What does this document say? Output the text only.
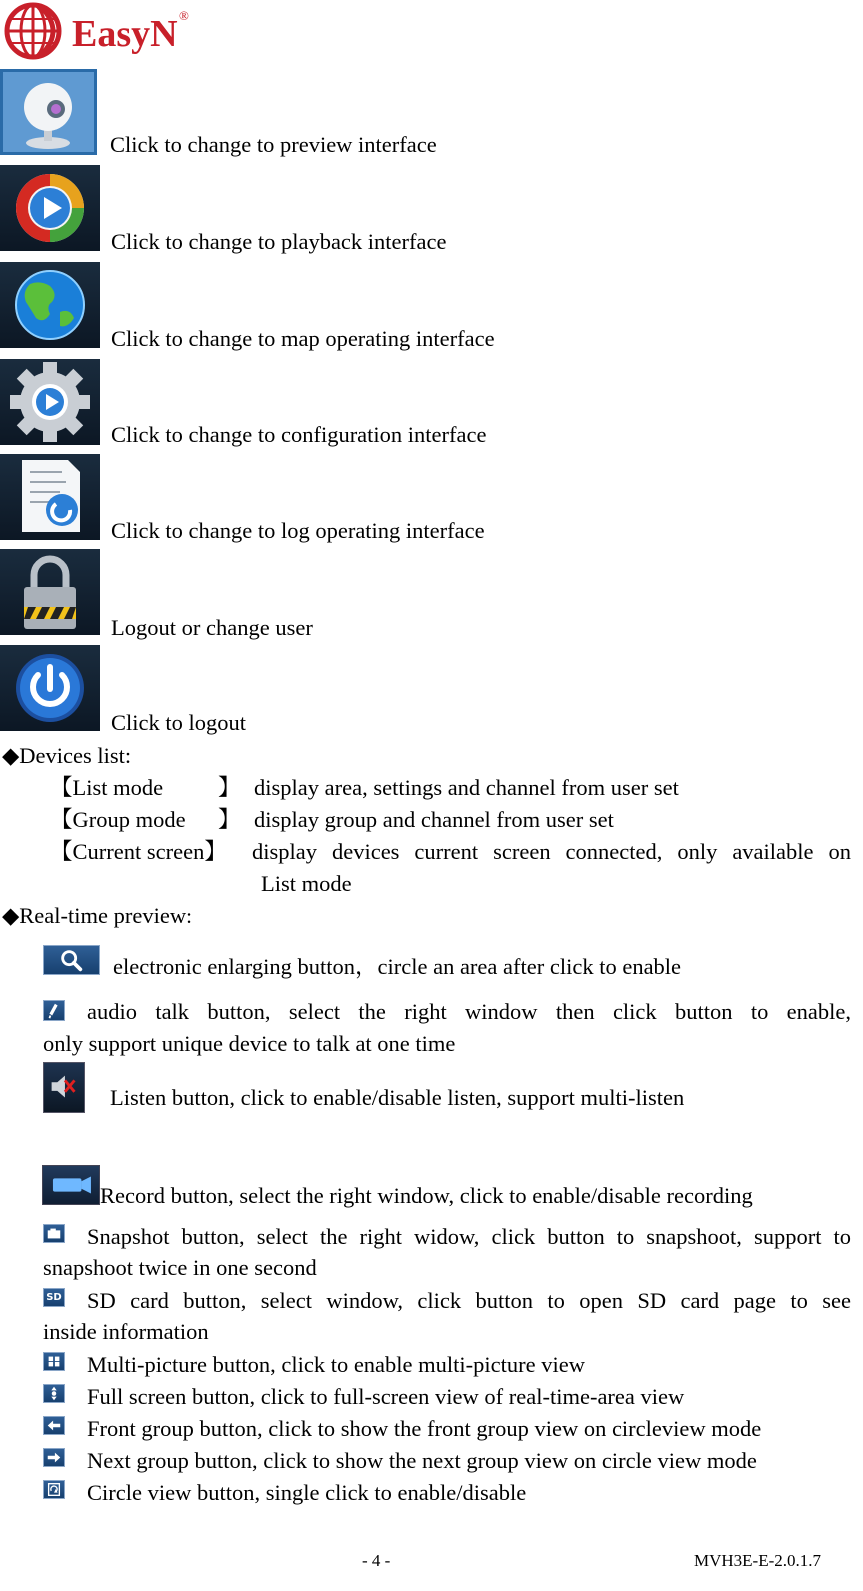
EasyN ®
Click to change to preview interface
Click to change to playback interface
Click to change to map operating interface
Click to change to configuration interface
Click to change to log operating interface
Logout or change user
Click to logout
◆Devices list:
【List mode 】 display area, settings and channel from user set
【Group mode 】 display group and channel from user set
【Current screen】 display devices current screen connected, only available on
List mode
◆Real-time preview:
electronic enlarging button，circle an area after click to enable
audio talk button, select the right window then click button to enable,
only support unique device to talk at one time
Listen button, click to enable/disable listen, support multi-listen
Record button, select the right window, click to enable/disable recording
Snapshot button, select the right widow, click button to snapshoot, support to
snapshoot twice in one second
SD SD card button, select window, click button to open SD card page to see
inside information
Multi-picture button, click to enable multi-picture view
Full screen button, click to full-screen view of real-time-area view
Front group button, click to show the front group view on circleview mode
Next group button, click to show the next group view on circle view mode
Circle view button, single click to enable/disable
- 4 -	MVH3E-E-2.0.1.7
